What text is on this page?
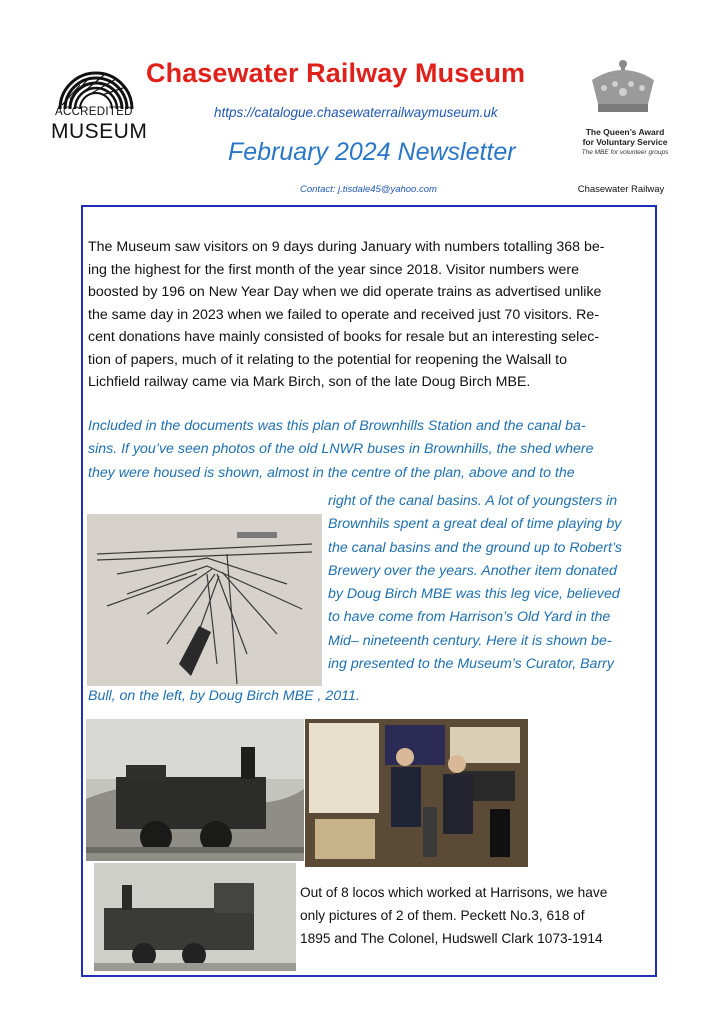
Chasewater Railway Museum
https://catalogue.chasewaterrailwaymuseum.uk
February 2024 Newsletter
Contact: j.tisdale45@yahoo.com
ACCREDITED
MUSEUM	The Queen’s Award
for Voluntary Service
The MBE for volunteer groups
Chasewater Railway
The Museum saw visitors on 9 days during January with numbers totalling 368 be-
ing the highest for the first month of the year since 2018. Visitor numbers were
boosted by 196 on New Year Day when we did operate trains as advertised unlike
the same day in 2023 when we failed to operate and received just 70 visitors. Re-
cent donations have mainly consisted of books for resale but an interesting selec-
tion of papers, much of it relating to the potential for reopening the Walsall to
Lichfield railway came via Mark Birch, son of the late Doug Birch MBE.
Included in the documents was this plan of Brownhills Station and the canal ba-
sins. If you’ve seen photos of the old LNWR buses in Brownhills, the shed where
they were housed is shown, almost in the centre of the plan, above and to the
right of the canal basins. A lot of youngsters in
Brownhils spent a great deal of time playing by
the canal basins and the ground up to Robert’s
Brewery over the years. Another item donated
by Doug Birch MBE was this leg vice, believed
to have come from Harrison’s Old Yard in the
Mid– nineteenth century. Here it is shown be-
ing presented to the Museum’s Curator, Barry
Bull, on the left, by Doug Birch MBE , 2011.
Out of 8 locos which worked at Harrisons, we have
only pictures of 2 of them. Peckett No.3, 618 of
1895 and The Colonel, Hudswell Clark 1073-1914
